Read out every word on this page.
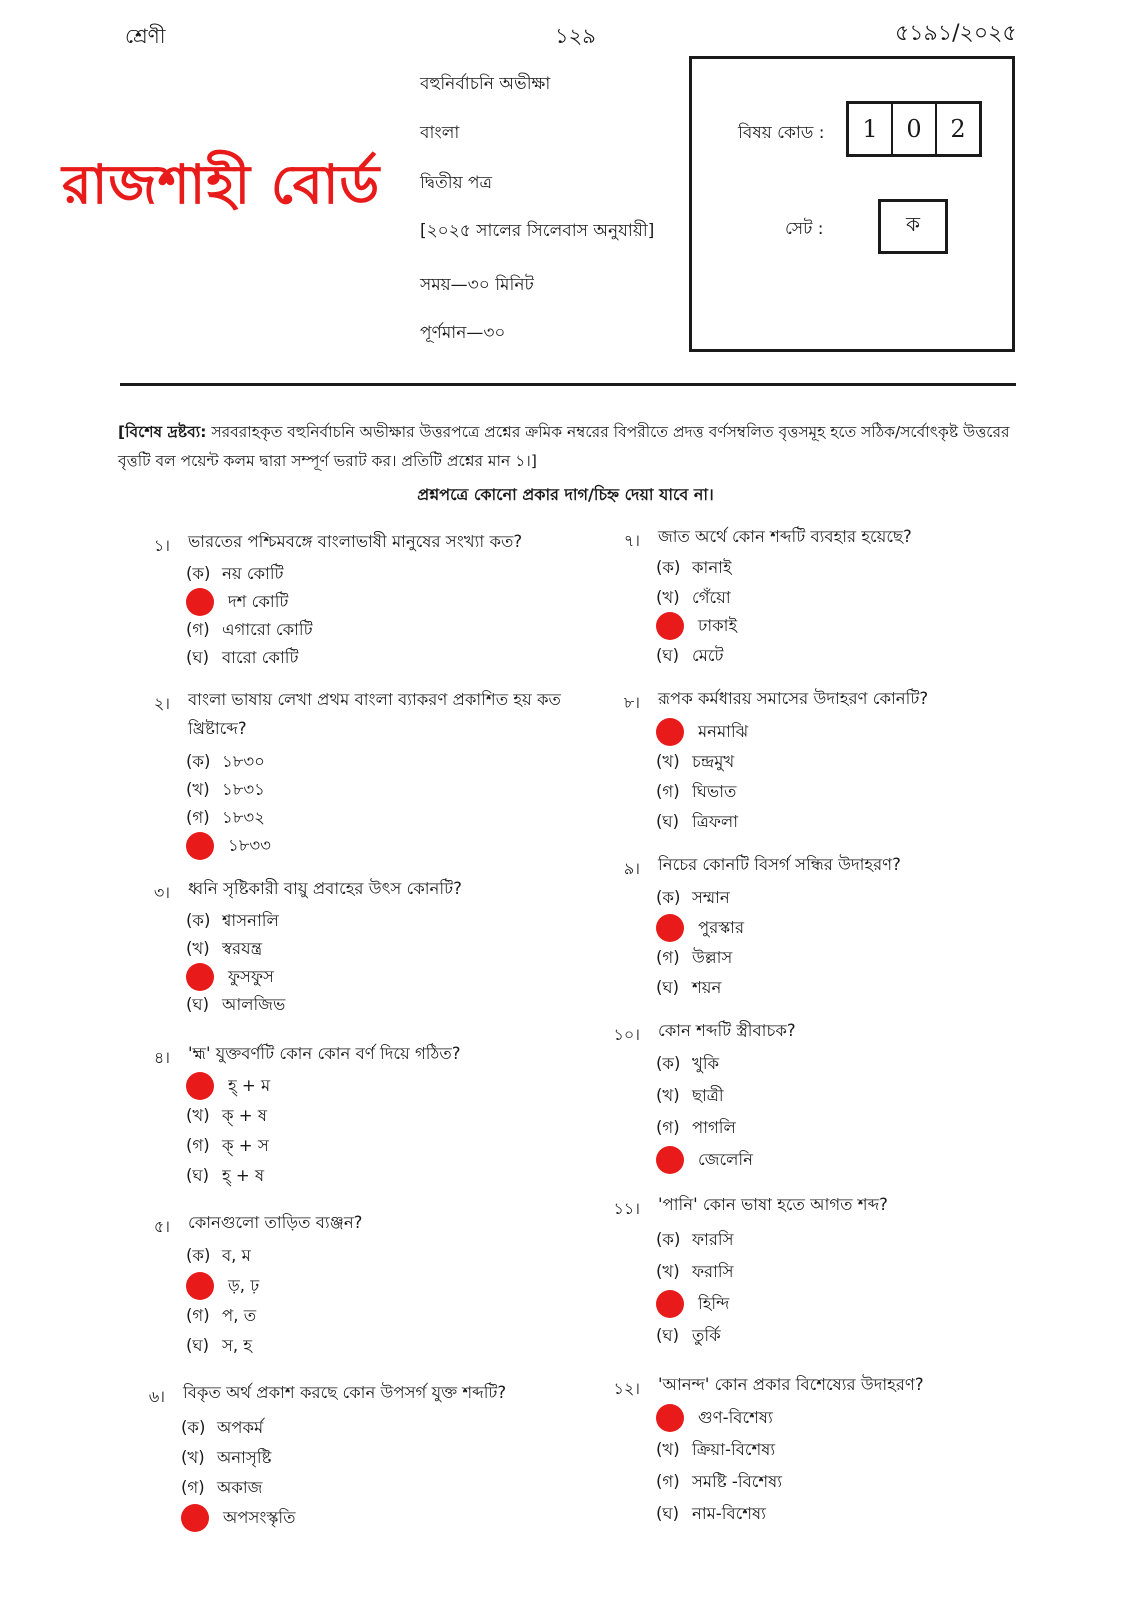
শ্রেণী	১২৯	৫১৯১/২০২৫
রাজশাহী বোর্ড
বহুনির্বাচনি অভীক্ষা
বাংলা
দ্বিতীয় পত্র
[২০২৫ সালের সিলেবাস অনুযায়ী]
সময়—৩০ মিনিট
পূর্ণমান—৩০
বিষয় কোড :	1	0	2
সেট :	ক
[বিশেষ দ্রষ্টব্য: সরবরাহকৃত বহুনির্বাচনি অভীক্ষার উত্তরপত্রে প্রশ্নের ক্রমিক নম্বরের বিপরীতে প্রদত্ত বর্ণসম্বলিত বৃত্তসমূহ হতে সঠিক/সর্বোৎকৃষ্ট উত্তরের বৃত্তটি বল পয়েন্ট কলম দ্বারা সম্পূর্ণ ভরাট কর। প্রতিটি প্রশ্নের মান ১।]
প্রশ্নপত্রে কোনো প্রকার দাগ/চিহ্ন দেয়া যাবে না।
১। ভারতের পশ্চিমবঙ্গে বাংলাভাষী মানুষের সংখ্যা কত?
(ক) নয় কোটি
দশ কোটি
(গ) এগারো কোটি
(ঘ) বারো কোটি
২। বাংলা ভাষায় লেখা প্রথম বাংলা ব্যাকরণ প্রকাশিত হয় কত খ্রিষ্টাব্দে?
(ক) ১৮৩০
(খ) ১৮৩১
(গ) ১৮৩২
১৮৩৩
৩। ধ্বনি সৃষ্টিকারী বায়ু প্রবাহের উৎস কোনটি?
(ক) শ্বাসনালি
(খ) স্বরযন্ত্র
ফুসফুস
(ঘ) আলজিভ
৪। 'হ্ম' যুক্তবর্ণটি কোন কোন বর্ণ দিয়ে গঠিত?
হ্ + ম
(খ) ক্ + ষ
(গ) ক্ + স
(ঘ) হ্ + ষ
৫। কোনগুলো তাড়িত ব্যঞ্জন?
(ক) ব, ম
ড়, ঢ়
(গ) প, ত
(ঘ) স, হ
৬। বিকৃত অর্থ প্রকাশ করছে কোন উপসর্গ যুক্ত শব্দটি?
(ক) অপকর্ম
(খ) অনাসৃষ্টি
(গ) অকাজ
অপসংস্কৃতি
৭। জাত অর্থে কোন শব্দটি ব্যবহার হয়েছে?
(ক) কানাই
(খ) গেঁয়ো
ঢাকাই
(ঘ) মেটে
৮। রূপক কর্মধারয় সমাসের উদাহরণ কোনটি?
মনমাঝি
(খ) চন্দ্রমুখ
(গ) ঘিভাত
(ঘ) ত্রিফলা
৯। নিচের কোনটি বিসর্গ সন্ধির উদাহরণ?
(ক) সম্মান
পুরস্কার
(গ) উল্লাস
(ঘ) শয়ন
১০। কোন শব্দটি স্ত্রীবাচক?
(ক) খুকি
(খ) ছাত্রী
(গ) পাগলি
জেলেনি
১১। 'পানি' কোন ভাষা হতে আগত শব্দ?
(ক) ফারসি
(খ) ফরাসি
হিন্দি
(ঘ) তুর্কি
১২। 'আনন্দ' কোন প্রকার বিশেষ্যের উদাহরণ?
গুণ-বিশেষ্য
(খ) ক্রিয়া-বিশেষ্য
(গ) সমষ্টি -বিশেষ্য
(ঘ) নাম-বিশেষ্য
